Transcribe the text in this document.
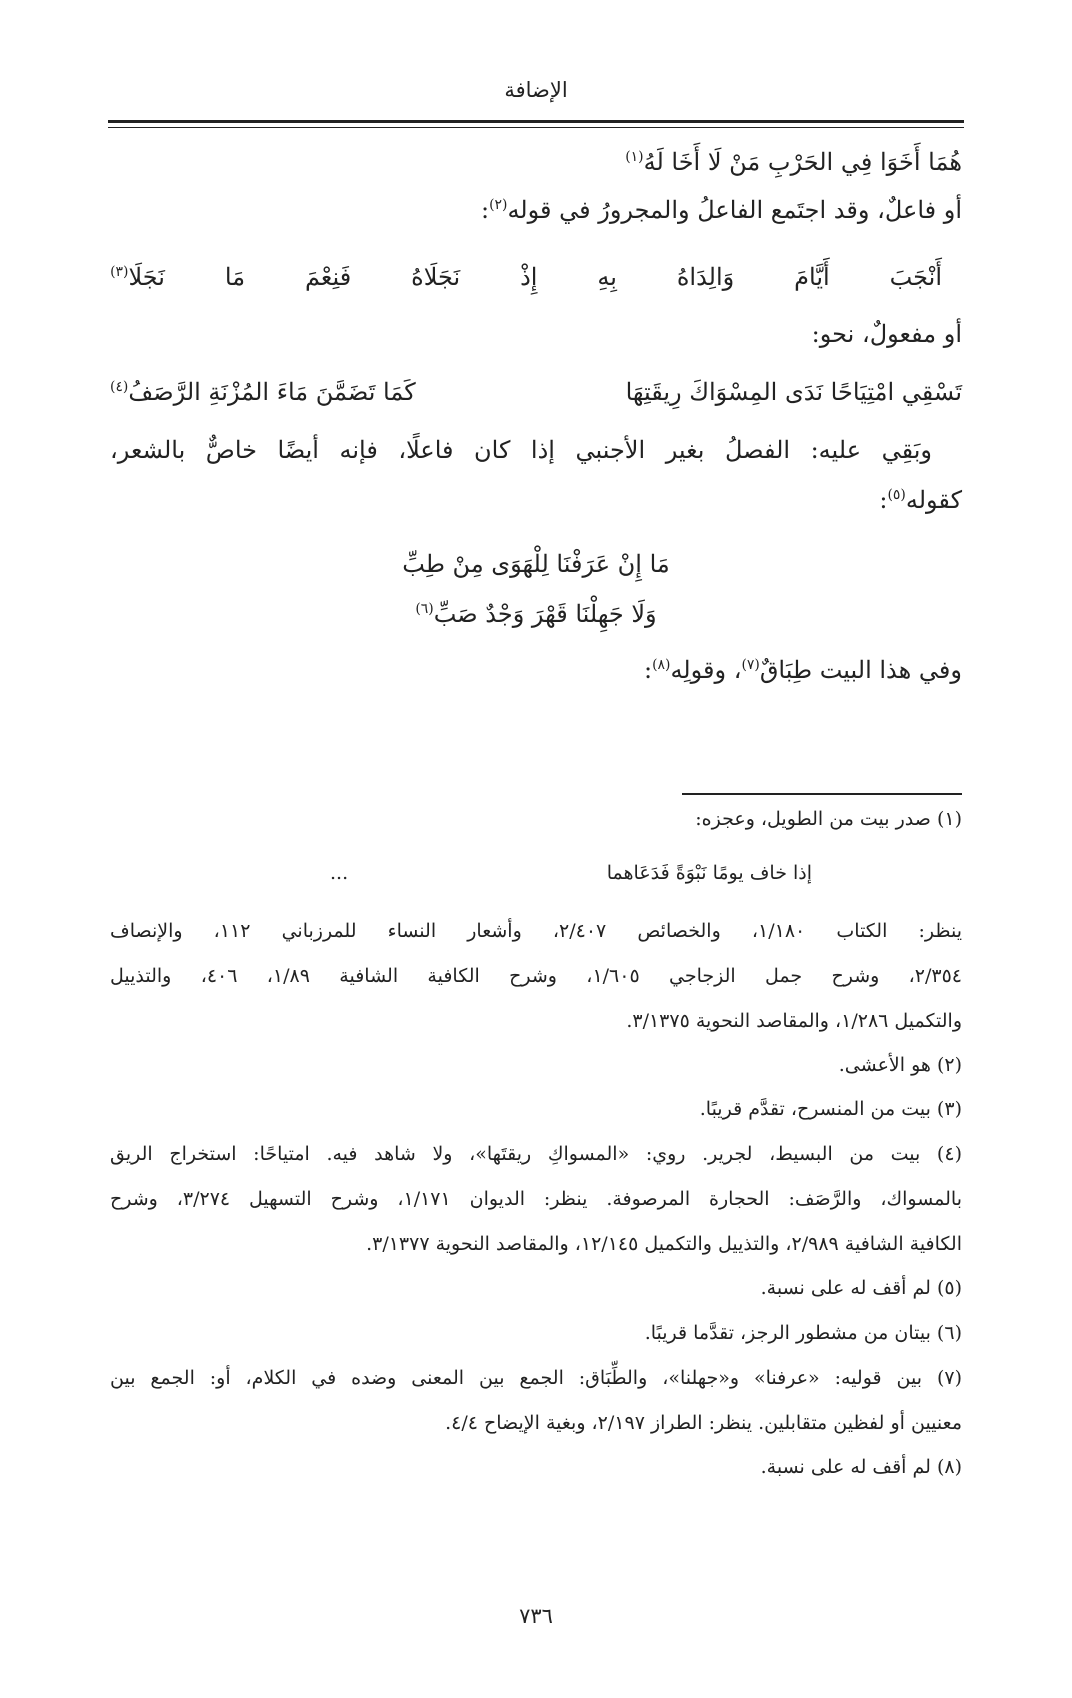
الإضافة
هُمَا أَخَوَا فِي الحَرْبِ مَنْ لَا أَخَا لَهُ$^{(١)}$
أو فاعلٌ، وقد اجتَمع الفاعلُ والمجرورُ في قوله$^{(٢)}$:
أَنْجَبَ
أَيَّامَ
وَالِدَاهُ
بِهِ
إِذْ
نَجَلَاهُ
فَنِعْمَ
مَا
نَجَلَا$^{(٣)}$
أو مفعولٌ، نحو:
تَسْقِي امْتِيَاحًا نَدَى المِسْوَاكَ رِيقَتِهَا
كَمَا تَضَمَّنَ مَاءَ المُزْنَةِ الرَّصَفُ$^{(٤)}$
وبَقِي عليه: الفصلُ بغير الأجنبي إذا كان فاعلًا، فإنه أيضًا خاصٌّ بالشعر،
كقوله$^{(٥)}$:
مَا إِنْ عَرَفْنَا لِلْهَوَى مِنْ طِبِّ
وَلَا جَهِلْنَا قَهْرَ وَجْدٌ صَبِّ$^{(٦)}$
وفي هذا البيت طِبَاقٌ$^{(٧)}$، وقولِه$^{(٨)}$:
(١) صدر بيت من الطويل، وعجزه:
إذا خاف يومًا نَبْوَةً فَدَعَاهما
...
ينظر: الكتاب ١/١٨٠، والخصائص ٢/٤٠٧، وأشعار النساء للمرزباني ١١٢، والإنصاف
٢/٣٥٤، وشرح جمل الزجاجي ١/٦٠٥، وشرح الكافية الشافية ١/٨٩، ٤٠٦، والتذييل
والتكميل ١/٢٨٦، والمقاصد النحوية ٣/١٣٧٥.
(٢) هو الأعشى.
(٣) بيت من المنسرح، تقدَّم قريبًا.
(٤) بيت من البسيط، لجرير. روي: «المسواكِ ريقتَها»، ولا شاهد فيه. امتياحًا: استخراج الريق
بالمسواك، والرَّصَف: الحجارة المرصوفة. ينظر: الديوان ١/١٧١، وشرح التسهيل ٣/٢٧٤، وشرح
الكافية الشافية ٢/٩٨٩، والتذييل والتكميل ١٢/١٤٥، والمقاصد النحوية ٣/١٣٧٧.
(٥) لم أقف له على نسبة.
(٦) بيتان من مشطور الرجز، تقدَّما قريبًا.
(٧) بين قوليه: «عرفنا» و«جهلنا»، والطِّبَاق: الجمع بين المعنى وضده في الكلام، أو: الجمع بين
معنيين أو لفظين متقابلين. ينظر: الطراز ٢/١٩٧، وبغية الإيضاح ٤/٤.
(٨) لم أقف له على نسبة.
٧٣٦
